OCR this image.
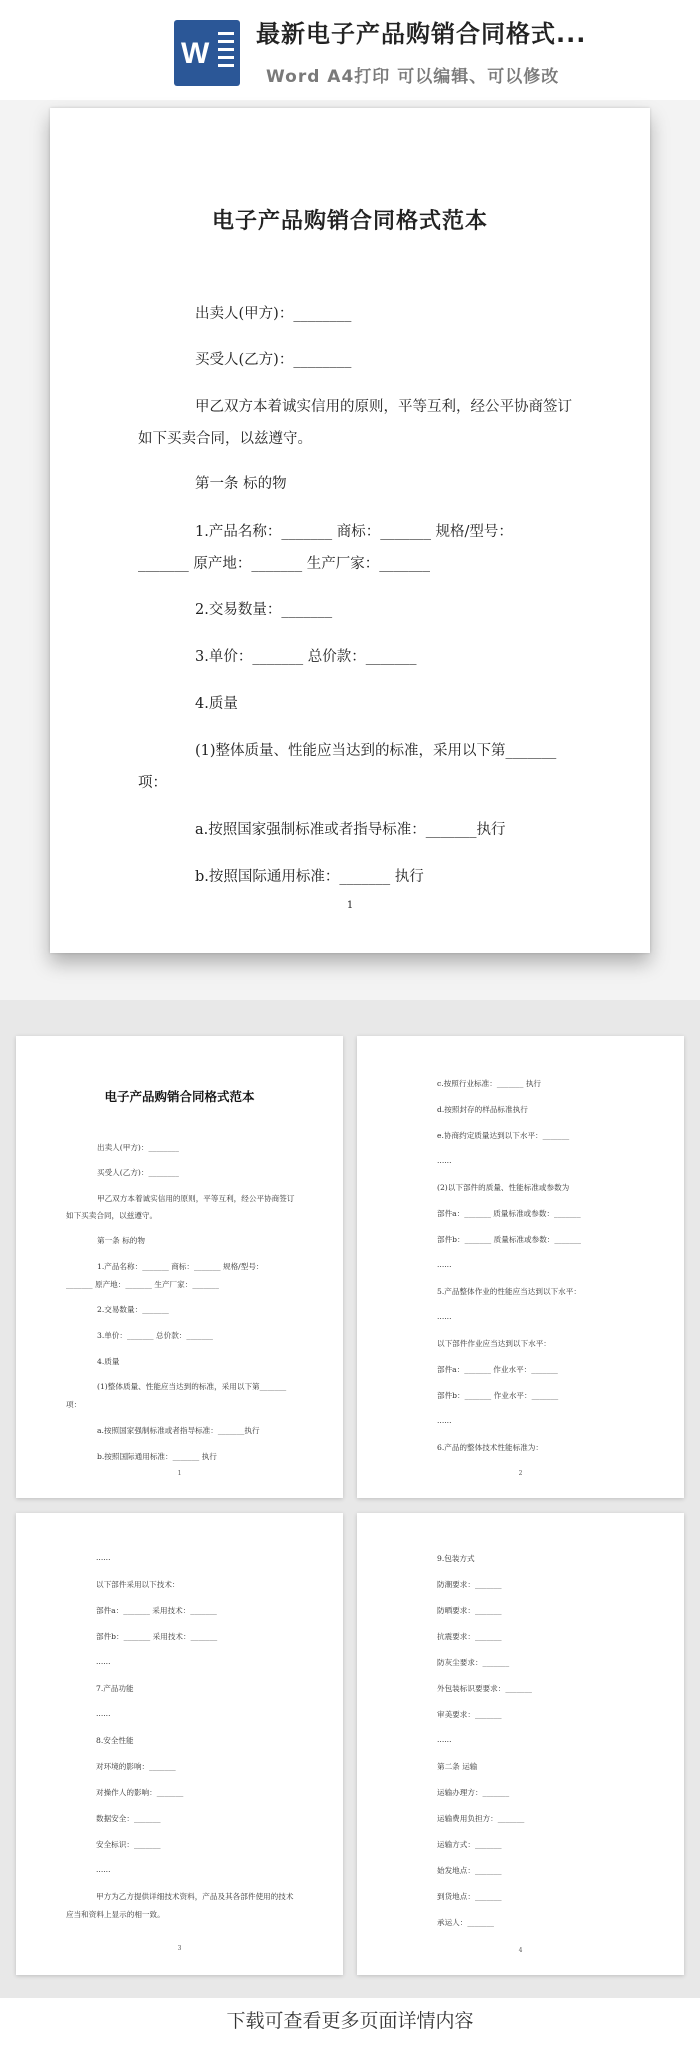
W
最新电子产品购销合同格式...
Word A4打印 可以编辑、可以修改
电子产品购销合同格式范本
出卖人(甲方)：________
买受人(乙方)：________
甲乙双方本着诚实信用的原则，平等互利，经公平协商签订
如下买卖合同，以兹遵守。
第一条 标的物
1.产品名称：_______ 商标：_______ 规格/型号：
_______ 原产地：_______ 生产厂家：_______
2.交易数量：_______
3.单价：_______ 总价款：_______
4.质量
(1)整体质量、性能应当达到的标准，采用以下第_______
项：
a.按照国家强制标准或者指导标准：_______执行
b.按照国际通用标准：_______ 执行
1
电子产品购销合同格式范本
出卖人(甲方)：________
买受人(乙方)：________
甲乙双方本着诚实信用的原则，平等互利，经公平协商签订
如下买卖合同，以兹遵守。
第一条 标的物
1.产品名称：_______ 商标：_______ 规格/型号：
_______ 原产地：_______ 生产厂家：_______
2.交易数量：_______
3.单价：_______ 总价款：_______
4.质量
(1)整体质量、性能应当达到的标准，采用以下第_______
项：
a.按照国家强制标准或者指导标准：_______执行
b.按照国际通用标准：_______ 执行
1
c.按照行业标准：_______ 执行
d.按照封存的样品标准执行
e.协商约定质量达到以下水平：_______
......
(2)以下部件的质量、性能标准或参数为
部件a：_______ 质量标准或参数：_______
部件b：_______ 质量标准或参数：_______
......
5.产品整体作业的性能应当达到以下水平：
......
以下部件作业应当达到以下水平：
部件a：_______ 作业水平：_______
部件b：_______ 作业水平：_______
......
6.产品的整体技术性能标准为：
2
......
以下部件采用以下技术：
部件a：_______ 采用技术：_______
部件b：_______ 采用技术：_______
......
7.产品功能
......
8.安全性能
对环境的影响：_______
对操作人的影响：_______
数据安全：_______
安全标识：_______
......
甲方为乙方提供详细技术资料，产品及其各部件使用的技术
应当和资料上显示的相一致。
3
9.包装方式
防潮要求：_______
防晒要求：_______
抗震要求：_______
防灰尘要求：_______
外包装标识要要求：_______
审美要求：_______
......
第二条 运输
运输办理方：_______
运输费用负担方：_______
运输方式：_______
始发地点：_______
到货地点：_______
承运人：_______
4
下载可查看更多页面详情内容
